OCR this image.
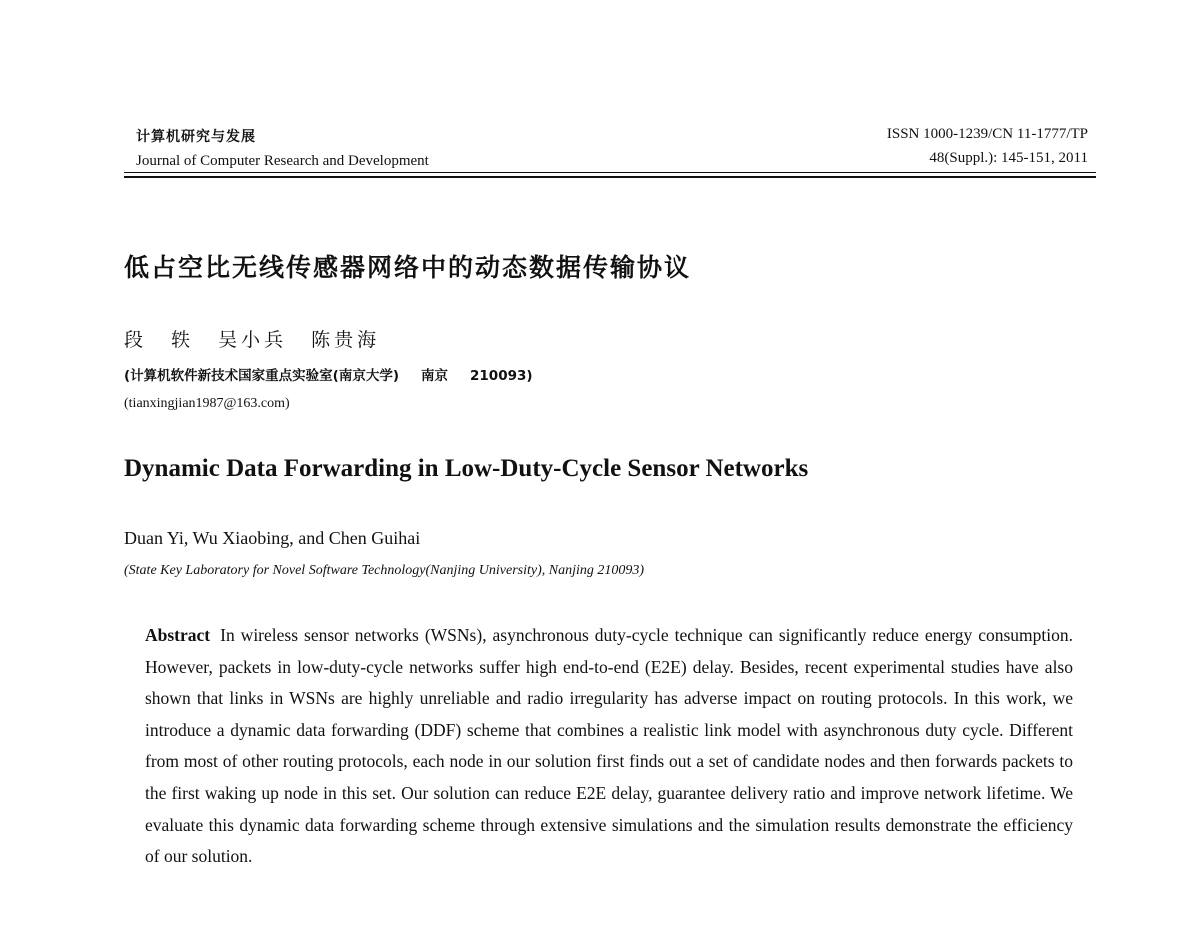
计算机研究与发展
Journal of Computer Research and Development
ISSN 1000-1239/CN 11-1777/TP
48(Suppl.): 145-151, 2011
低占空比无线传感器网络中的动态数据传输协议
段 轶 吴小兵 陈贵海
(计算机软件新技术国家重点实验室(南京大学) 南京 210093)
(tianxingjian1987@163.com)
Dynamic Data Forwarding in Low-Duty-Cycle Sensor Networks
Duan Yi, Wu Xiaobing, and Chen Guihai
(State Key Laboratory for Novel Software Technology(Nanjing University), Nanjing 210093)
Abstract In wireless sensor networks (WSNs), asynchronous duty-cycle technique can significantly reduce energy consumption. However, packets in low-duty-cycle networks suffer high end-to-end (E2E) delay. Besides, recent experimental studies have also shown that links in WSNs are highly unreliable and radio irregularity has adverse impact on routing protocols. In this work, we introduce a dynamic data forwarding (DDF) scheme that combines a realistic link model with asynchronous duty cycle. Different from most of other routing protocols, each node in our solution first finds out a set of candidate nodes and then forwards packets to the first waking up node in this set. Our solution can reduce E2E delay, guarantee delivery ratio and improve network lifetime. We evaluate this dynamic data forwarding scheme through extensive simulations and the simulation results demonstrate the efficiency of our solution.
